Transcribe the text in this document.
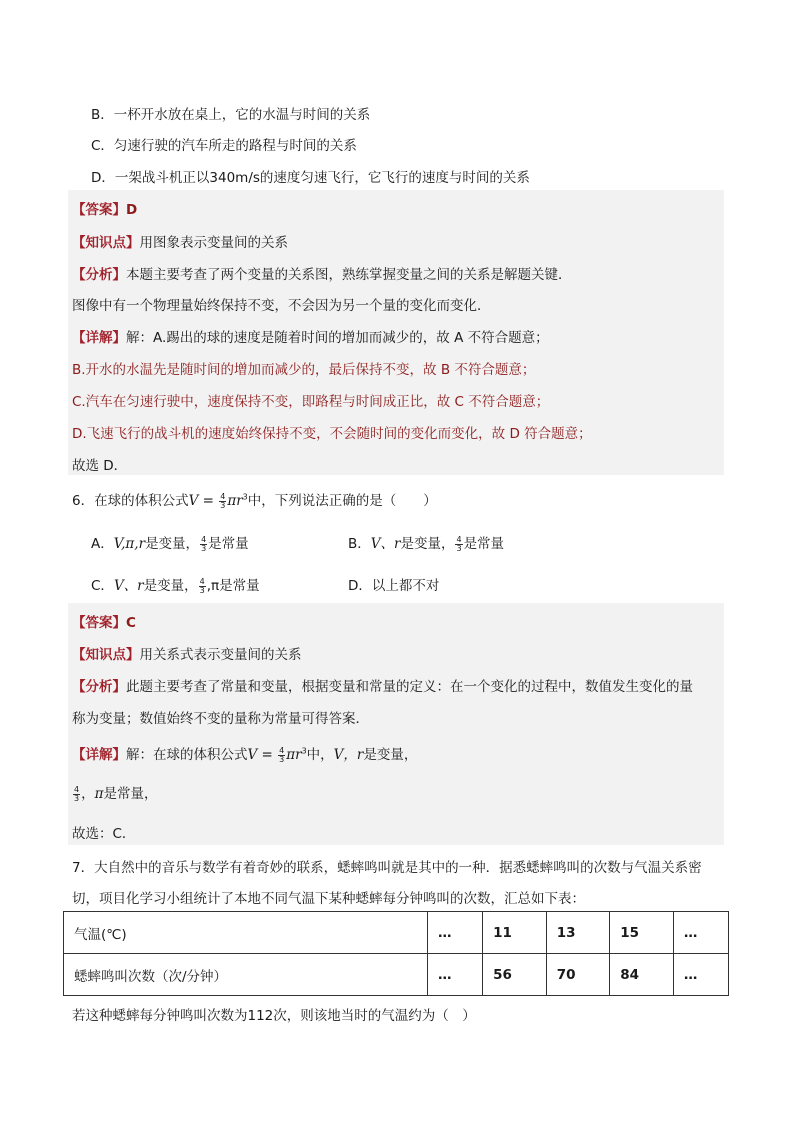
B．一杯开水放在桌上，它的水温与时间的关系
C．匀速行驶的汽车所走的路程与时间的关系
D．一架战斗机正以340m/s的速度匀速飞行，它飞行的速度与时间的关系
【答案】D
【知识点】用图象表示变量间的关系
【分析】本题主要考查了两个变量的关系图，熟练掌握变量之间的关系是解题关键．
图像中有一个物理量始终保持不变，不会因为另一个量的变化而变化．
【详解】解：A.踢出的球的速度是随着时间的增加而减少的，故 A 不符合题意；
B.开水的水温先是随时间的增加而减少的，最后保持不变，故 B 不符合题意；
C.汽车在匀速行驶中，速度保持不变，即路程与时间成正比，故 C 不符合题意；
D.飞速飞行的战斗机的速度始终保持不变，不会随时间的变化而变化，故 D 符合题意；
故选 D．
6．在球的体积公式$V = \frac{4}{3} \pi r^3$中，下列说法正确的是（　　）
A．V,π,r是变量， $\frac{4}{3}$ 是常量	B．V、r是变量， $\frac{4}{3}$ 是常量
C．V、r是变量， $\frac{4}{3} ,\pi$是常量	D．以上都不对
【答案】C
【知识点】用关系式表示变量间的关系
【分析】此题主要考查了常量和变量，根据变量和常量的定义：在一个变化的过程中，数值发生变化的量
称为变量；数值始终不变的量称为常量可得答案．
【详解】解：在球的体积公式$V = \frac{4}{3} \pi r^3$中，V，r是变量，
$\frac{4}{3}$ ，π是常量，
故选：C．
7．大自然中的音乐与数学有着奇妙的联系，蟋蟀鸣叫就是其中的一种．据悉蟋蟀鸣叫的次数与气温关系密
切，项目化学习小组统计了本地不同气温下某种蟋蟀每分钟鸣叫的次数，汇总如下表：
气温(℃)	…	11	13	15	…
蟋蟀鸣叫次数（次/分钟）	…	56	70	84	…
若这种蟋蟀每分钟鸣叫次数为112次，则该地当时的气温约为（　）
